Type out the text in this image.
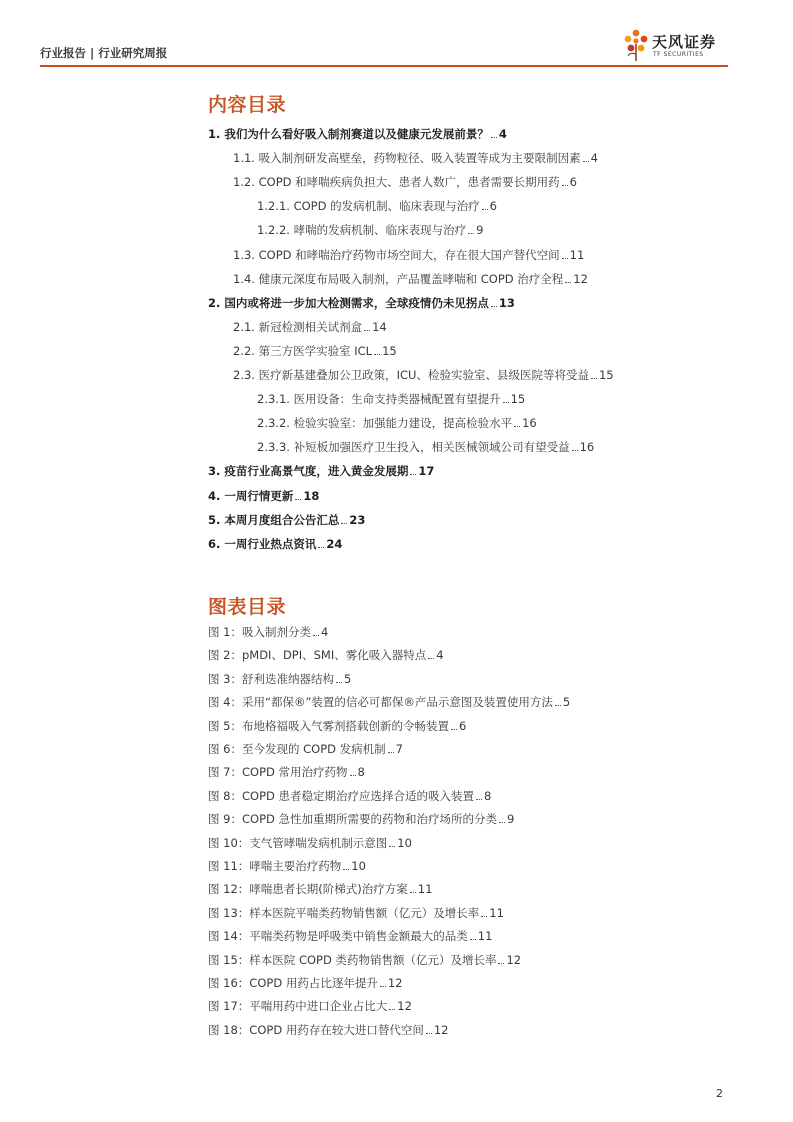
行业报告 | 行业研究周报
天风证券
TF SECURITIES
内容目录
1. 我们为什么看好吸入制剂赛道以及健康元发展前景？ 4
1.1. 吸入制剂研发高壁垒，药物粒径、吸入装置等成为主要限制因素 4
1.2. COPD 和哮喘疾病负担大、患者人数广，患者需要长期用药 6
1.2.1. COPD 的发病机制、临床表现与治疗 6
1.2.2. 哮喘的发病机制、临床表现与治疗 9
1.3. COPD 和哮喘治疗药物市场空间大，存在很大国产替代空间 11
1.4. 健康元深度布局吸入制剂，产品覆盖哮喘和 COPD 治疗全程 12
2. 国内或将进一步加大检测需求，全球疫情仍未见拐点 13
2.1. 新冠检测相关试剂盒 14
2.2. 第三方医学实验室 ICL 15
2.3. 医疗新基建叠加公卫政策，ICU、检验实验室、县级医院等将受益 15
2.3.1. 医用设备：生命支持类器械配置有望提升 15
2.3.2. 检验实验室：加强能力建设，提高检验水平 16
2.3.3. 补短板加强医疗卫生投入，相关医械领域公司有望受益 16
3. 疫苗行业高景气度，进入黄金发展期 17
4. 一周行情更新 18
5. 本周月度组合公告汇总 23
6. 一周行业热点资讯 24
图表目录
图 1： 吸入制剂分类 4
图 2： pMDI、DPI、SMI、雾化吸入器特点 4
图 3： 舒利迭准纳器结构 5
图 4： 采用“都保®”装置的信必可都保®产品示意图及装置使用方法 5
图 5： 布地格福吸入气雾剂搭载创新的令畅装置 6
图 6： 至今发现的 COPD 发病机制 7
图 7： COPD 常用治疗药物 8
图 8： COPD 患者稳定期治疗应选择合适的吸入装置 8
图 9： COPD 急性加重期所需要的药物和治疗场所的分类 9
图 10： 支气管哮喘发病机制示意图 10
图 11： 哮喘主要治疗药物 10
图 12： 哮喘患者长期(阶梯式)治疗方案 11
图 13： 样本医院平喘类药物销售额（亿元）及增长率 11
图 14： 平喘类药物是呼吸类中销售金额最大的品类 11
图 15： 样本医院 COPD 类药物销售额（亿元）及增长率 12
图 16： COPD 用药占比逐年提升 12
图 17： 平喘用药中进口企业占比大 12
图 18： COPD 用药存在较大进口替代空间 12
2
